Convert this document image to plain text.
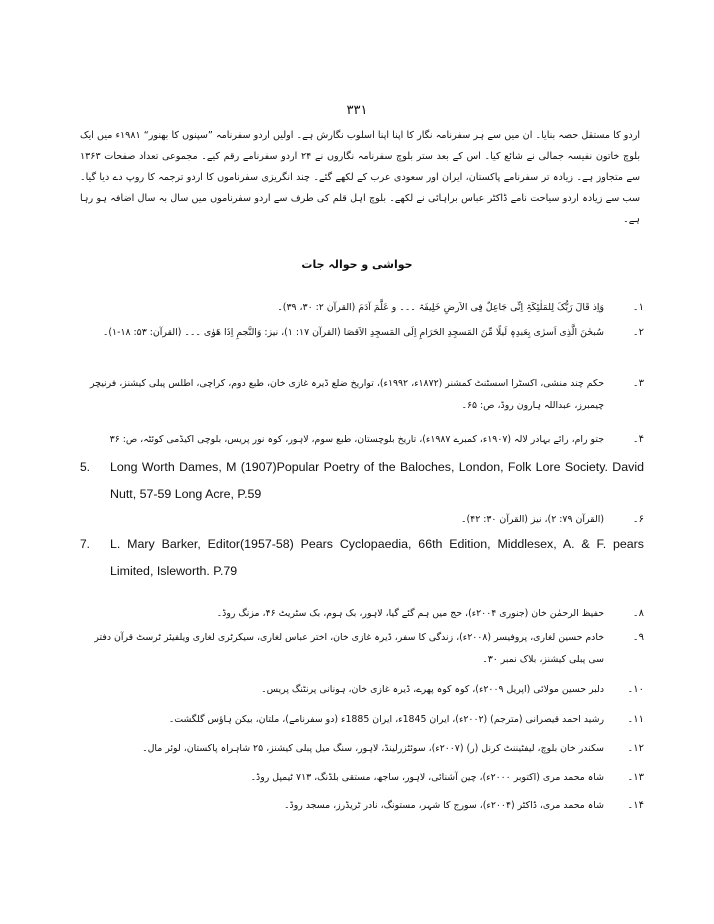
۳۳۱

اردو کا مستقل حصہ بنایا۔ ان میں سے ہر سفرنامہ نگار کا اپنا اپنا اسلوب نگارش ہے۔ اولیں اردو سفرنامہ ”سپنوں کا بھنور“ ۱۹۸۱ء میں ایک بلوچ خاتون نفیسہ جمالی نے شائع کیا۔ اس کے بعد ستر بلوچ سفرنامہ نگاروں نے ۲۴ اردو سفرنامے رقم کیے۔ مجموعی تعداد صفحات ۱۳۶۳ سے متجاوز ہے۔ زیادہ تر سفرنامے پاکستان، ایران اور سعودی عرب کے لکھے گئے۔ چند انگریزی سفرناموں کا اردو ترجمہ کا روپ دے دیا گیا۔ سب سے زیادہ اردو سیاحت نامے ڈاکٹر عباس براہائی نے لکھے۔ بلوچ اہل قلم کی طرف سے اردو سفرناموں میں سال بہ سال اضافہ ہو رہا ہے۔

حواشی و حوالہ جات
۱۔
وَاِذ قَالَ رَبُّکَ لِلمَلٰئِکَۃِ اِنِّی جَاعِلٌ فِی الاَرضِ خَلِیفَۃ ۔۔۔ و عَلَّمَ آدَمَ (القرآن ۲: ۳۰، ۳۹)۔
۲۔
سُبحٰنَ الَّذِی اَسرٰی بِعَبدِہٖ لَیلًا مِّنَ المَسجِدِ الحَرَامِ اِلَی المَسجِدِ الاَقصَا (القرآن ۱۷: ۱)، نیز: وَالنَّجمِ اِذَا ھَوٰی ۔۔۔ (القرآن: ۵۳: ۱۸-۱)۔
۳۔
حکم چند منشی، اکسٹرا اسسٹنٹ کمشنر (۱۸۷۲ء، ۱۹۹۲ء)، تواریخ ضلع ڈیرہ غازی خان، طبع دوم، کراچی، اطلس پبلی کیشنز، فرنیچر چیمبرز، عبداللہ ہارون روڈ، ص: ۶۵۔
۴۔
جتو رام، رائے بہادر لالہ (۱۹۰۷ء، کمبرے ۱۹۸۷ء)، تاریخ بلوچستان، طبع سوم، لاہور، کوہ نور پریس، بلوچی اکیڈمی کوئٹہ، ص: ۳۶
5.	Long Worth Dames, M (1907)Popular Poetry of the Baloches, London, Folk Lore Society. David Nutt, 57-59 Long Acre, P.59
۶۔
(القرآن ۷۹: ۲)، نیز (القرآن ۳۰: ۴۲)۔
7.	L. Mary Barker, Editor(1957-58) Pears Cyclopaedia, 66th Edition, Middlesex, A. & F. pears Limited, Isleworth. P.79
۸۔
حفیظ الرحمٰن خان (جنوری ۲۰۰۴ء)، حج میں ہم گئے گیا، لاہور، بک ہوم، بک سٹریٹ ۴۶، مزنگ روڈ۔
۹۔
خادم حسین لغاری، پروفیسر (۲۰۰۸ء)، زندگی کا سفر، ڈیرہ غازی خان، اختر عباس لغاری، سیکرٹری لغاری ویلفیئر ٹرسٹ قرآن دفتر سی پبلی کیشنز، بلاک نمبر ۳۰۔
۱۰۔
دلبر حسین مولائی (اپریل ۲۰۰۹ء)، کوہ کوہ پھرے، ڈیرہ غازی خان، ہونانی پرنٹنگ پریس۔
۱۱۔
رشید احمد قیصرانی (مترجم) (۲۰۰۲ء)، ایران 1845ء، ایران 1885ء (دو سفرنامے)، ملتان، بیکن ہاؤس گلگشت۔
۱۲۔
سکندر خان بلوچ، لیفٹیننٹ کرنل (ر) (۲۰۰۷ء)، سوئٹزرلینڈ، لاہور، سنگ میل پبلی کیشنز، ۲۵ شاہراہ پاکستان، لوئر مال۔
۱۳۔
شاہ محمد مری (اکتوبر ۲۰۰۰ء)، چین آشنائی، لاہور، ساجھ، مستقی بلڈنگ، ۷۱۳ ٹیمپل روڈ۔
۱۴۔
شاہ محمد مری، ڈاکٹر (۲۰۰۴ء)، سورج کا شہر، مستونگ، نادر ٹریڈرز، مسجد روڈ۔
